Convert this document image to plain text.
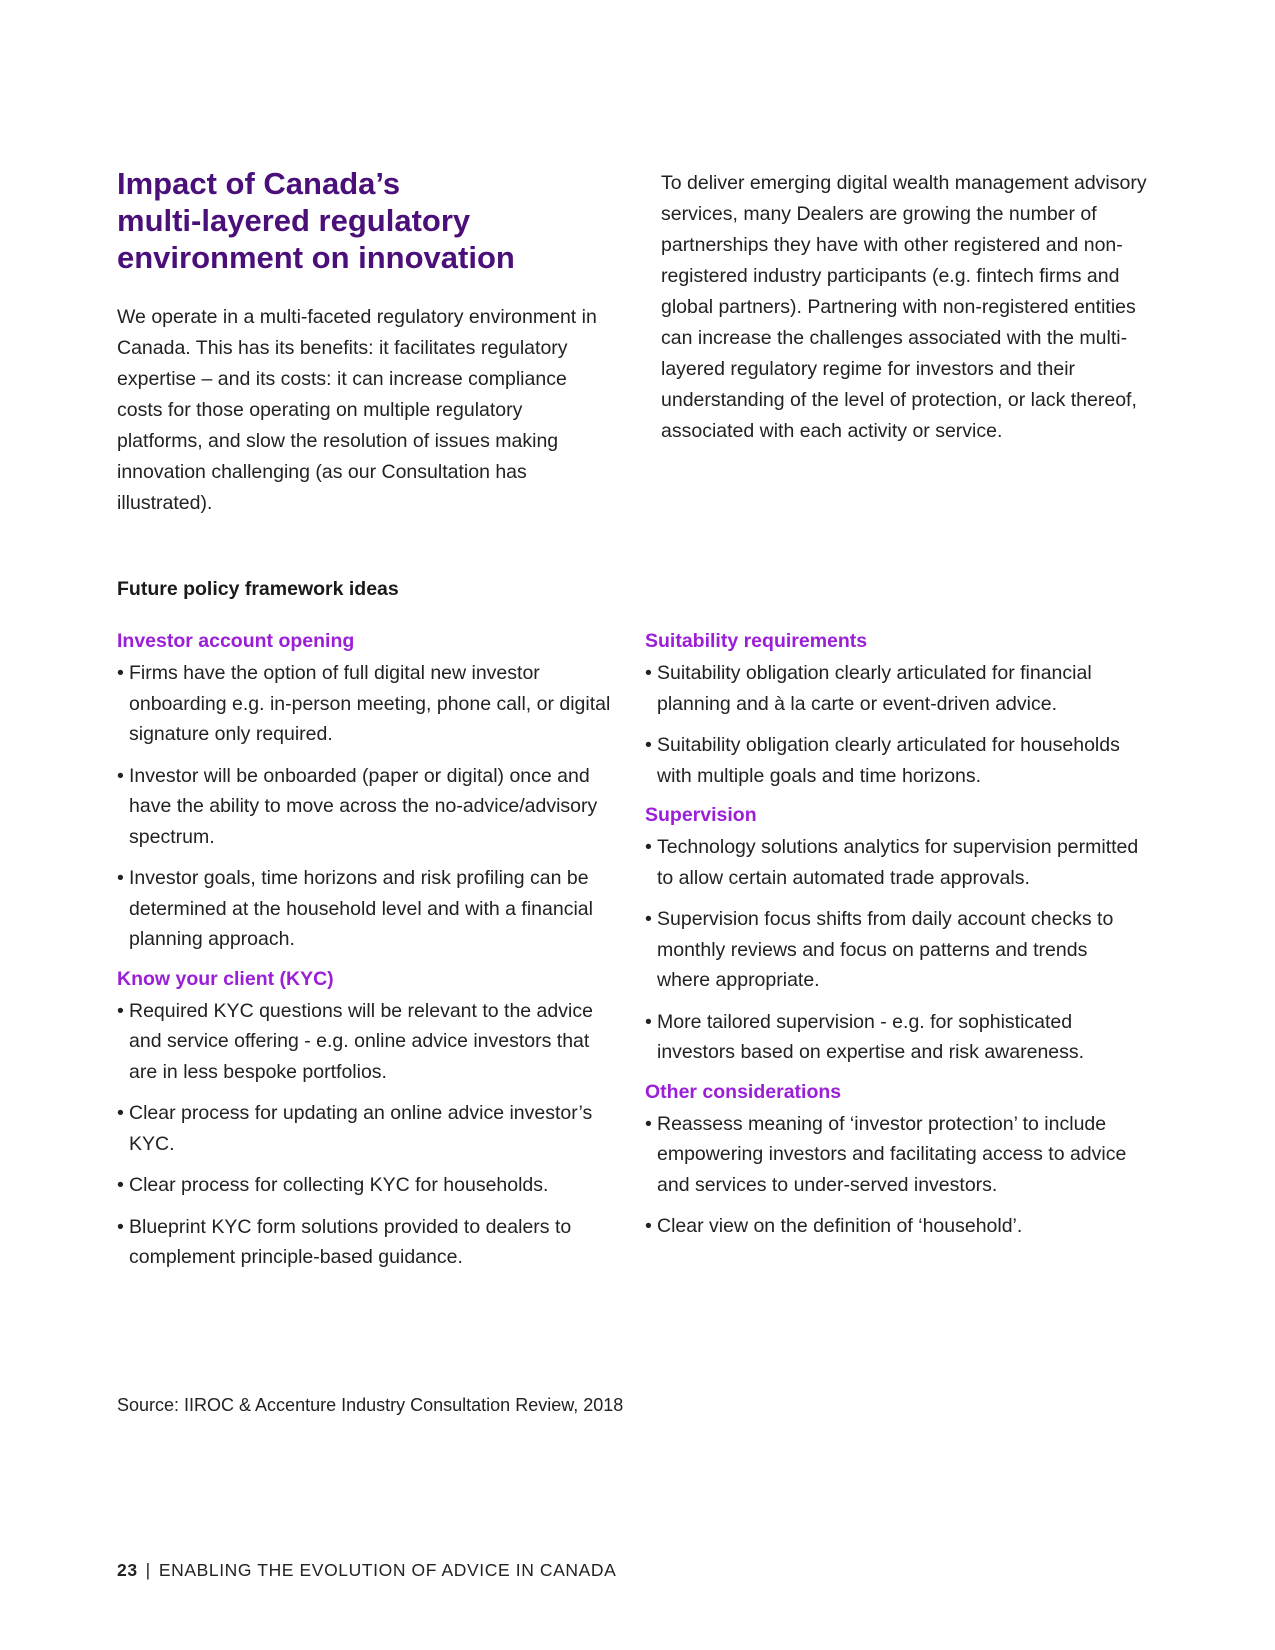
Impact of Canada’s
multi-layered regulatory
environment on innovation

We operate in a multi-faceted regulatory environment in Canada. This has its benefits: it facilitates regulatory expertise – and its costs: it can increase compliance costs for those operating on multiple regulatory platforms, and slow the resolution of issues making innovation challenging (as our Consultation has illustrated).

To deliver emerging digital wealth management advisory services, many Dealers are growing the number of partnerships they have with other registered and non-registered industry participants (e.g. fintech firms and global partners). Partnering with non-registered entities can increase the challenges associated with the multi-layered regulatory regime for investors and their understanding of the level of protection, or lack thereof, associated with each activity or service.

Future policy framework ideas
Investor account opening
• Firms have the option of full digital new investor onboarding e.g. in-person meeting, phone call, or digital signature only required.
• Investor will be onboarded (paper or digital) once and have the ability to move across the no-advice/advisory spectrum.
• Investor goals, time horizons and risk profiling can be determined at the household level and with a financial planning approach.
Know your client (KYC)
• Required KYC questions will be relevant to the advice and service offering - e.g. online advice investors that are in less bespoke portfolios.
• Clear process for updating an online advice investor’s KYC.
• Clear process for collecting KYC for households.
• Blueprint KYC form solutions provided to dealers to complement principle-based guidance.
Suitability requirements
• Suitability obligation clearly articulated for financial planning and à la carte or event-driven advice.
• Suitability obligation clearly articulated for households with multiple goals and time horizons.
Supervision
• Technology solutions analytics for supervision permitted to allow certain automated trade approvals.
• Supervision focus shifts from daily account checks to monthly reviews and focus on patterns and trends where appropriate.
• More tailored supervision - e.g. for sophisticated investors based on expertise and risk awareness.
Other considerations
• Reassess meaning of ‘investor protection’ to include empowering investors and facilitating access to advice and services to under-served investors.
• Clear view on the definition of ‘household’.

Source: IIROC & Accenture Industry Consultation Review, 2018

23 | ENABLING THE EVOLUTION OF ADVICE IN CANADA
